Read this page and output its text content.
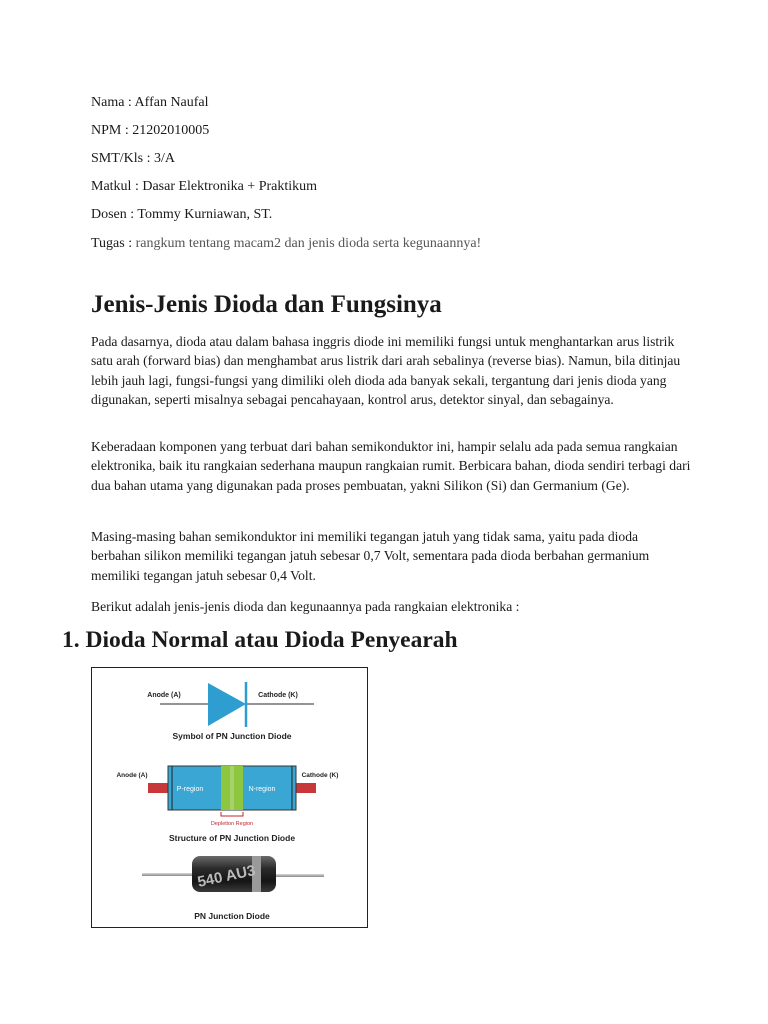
Nama : Affan Naufal
NPM : 21202010005
SMT/Kls : 3/A
Matkul : Dasar Elektronika + Praktikum
Dosen : Tommy Kurniawan, ST.
Tugas : rangkum tentang macam2 dan jenis dioda serta kegunaannya!
Jenis-Jenis Dioda dan Fungsinya

Pada dasarnya, dioda atau dalam bahasa inggris diode ini memiliki fungsi untuk menghantarkan arus listrik satu arah (forward bias) dan menghambat arus listrik dari arah sebalinya (reverse bias). Namun, bila ditinjau lebih jauh lagi, fungsi-fungsi yang dimiliki oleh dioda ada banyak sekali, tergantung dari jenis dioda yang digunakan, seperti misalnya sebagai pencahayaan, kontrol arus, detektor sinyal, dan sebagainya.

Keberadaan komponen yang terbuat dari bahan semikonduktor ini, hampir selalu ada pada semua rangkaian elektronika, baik itu rangkaian sederhana maupun rangkaian rumit. Berbicara bahan, dioda sendiri terbagi dari dua bahan utama yang digunakan pada proses pembuatan, yakni Silikon (Si) dan Germanium (Ge).

Masing-masing bahan semikonduktor ini memiliki tegangan jatuh yang tidak sama, yaitu pada dioda berbahan silikon memiliki tegangan jatuh sebesar 0,7 Volt, sementara pada dioda berbahan germanium memiliki tegangan jatuh sebesar 0,4 Volt.

Berikut adalah jenis-jenis dioda dan kegunaannya pada rangkaian elektronika :

1. Dioda Normal atau Dioda Penyearah
Anode (A)	Cathode (K)
Symbol of PN Junction Diode
Anode (A)	Cathode (K)
P-region	N-region
Depletion Region
Structure of PN Junction Diode
540 AU3
PN Junction Diode
